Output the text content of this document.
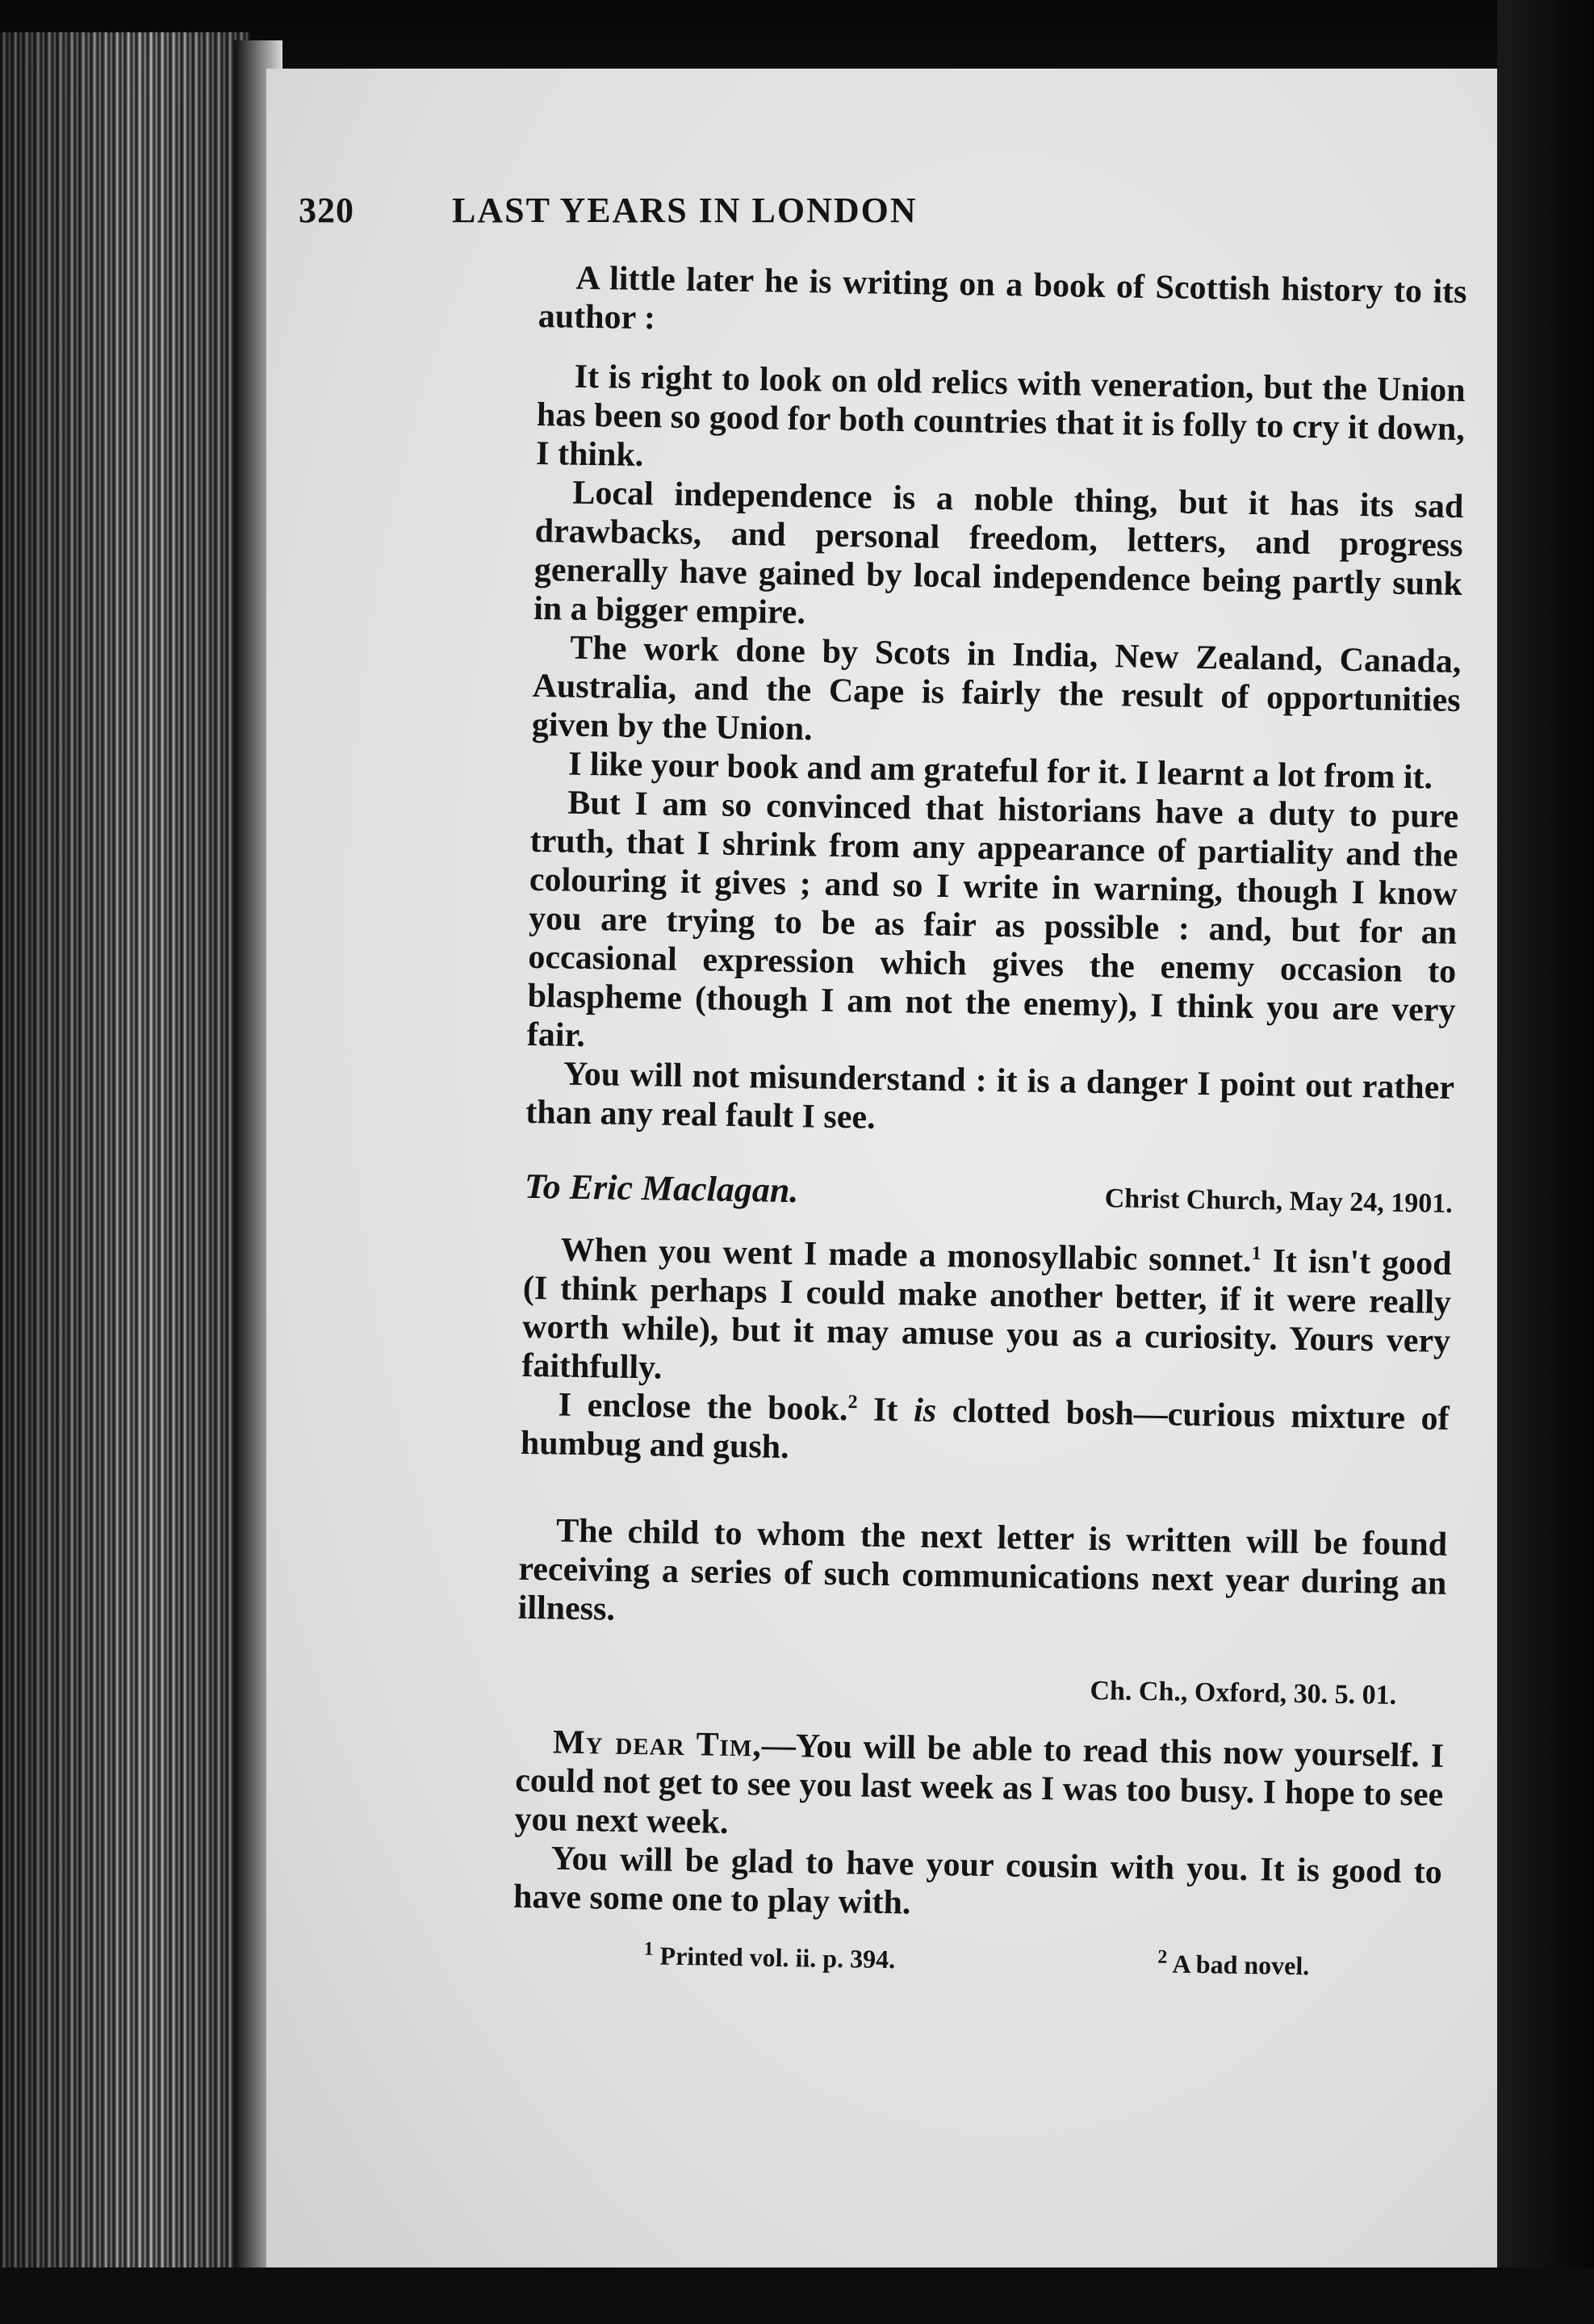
320	LAST YEARS IN LONDON

A little later he is writing on a book of Scottish history to its author :

It is right to look on old relics with veneration, but the Union has been so good for both countries that it is folly to cry it down, I think.

Local independence is a noble thing, but it has its sad drawbacks, and personal freedom, letters, and progress generally have gained by local independence being partly sunk in a bigger empire.

The work done by Scots in India, New Zealand, Canada, Australia, and the Cape is fairly the result of opportunities given by the Union.

I like your book and am grateful for it. I learnt a lot from it.

But I am so convinced that historians have a duty to pure truth, that I shrink from any appearance of partiality and the colouring it gives ; and so I write in warning, though I know you are trying to be as fair as possible : and, but for an occasional expression which gives the enemy occasion to blaspheme (though I am not the enemy), I think you are very fair.

You will not misunderstand : it is a danger I point out rather than any real fault I see.

To Eric Maclagan.	Christ Church, May 24, 1901.

When you went I made a monosyllabic sonnet.$^1$ It isn't good (I think perhaps I could make another better, if it were really worth while), but it may amuse you as a curiosity. Yours very faithfully.

I enclose the book.$^2$ It is clotted bosh—curious mixture of humbug and gush.

The child to whom the next letter is written will be found receiving a series of such communications next year during an illness.

Ch. Ch., Oxford, 30. 5. 01.

My dear Tim,—You will be able to read this now yourself. I could not get to see you last week as I was too busy. I hope to see you next week.

You will be glad to have your cousin with you. It is good to have some one to play with.

$^1$ Printed vol. ii. p. 394.	$^2$ A bad novel.
